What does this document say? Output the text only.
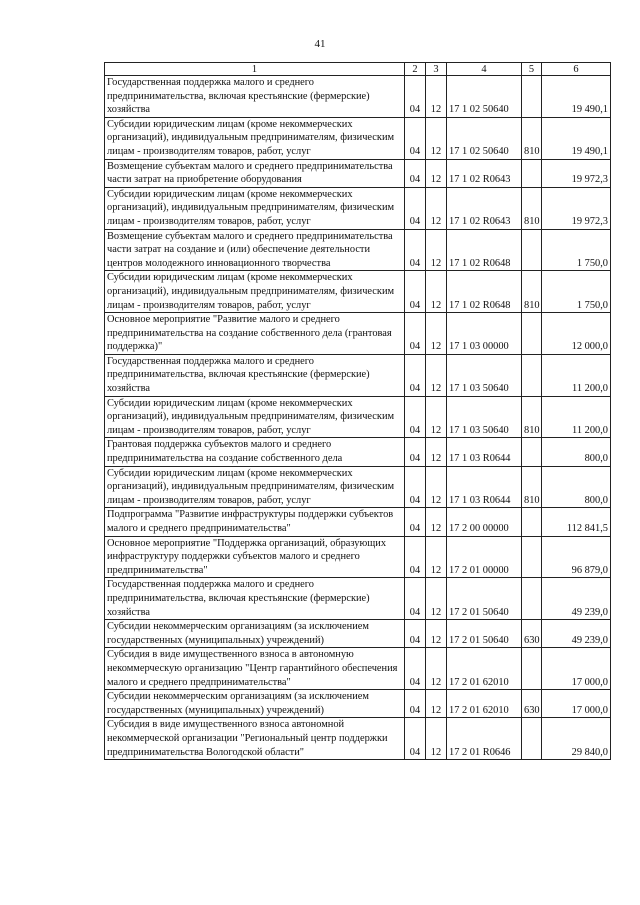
41
1	2	3	4	5	6
Государственная поддержка малого и среднего предпринимательства, включая крестьянские (фермерские) хозяйства	04	12	17 1 02 50640		19 490,1
Субсидии юридическим лицам (кроме некоммерческих организаций), индивидуальным предпринимателям, физическим лицам - производителям товаров, работ, услуг	04	12	17 1 02 50640	810	19 490,1
Возмещение субъектам малого и среднего предпринимательства части затрат на приобретение оборудования	04	12	17 1 02 R0643		19 972,3
Субсидии юридическим лицам (кроме некоммерческих организаций), индивидуальным предпринимателям, физическим лицам - производителям товаров, работ, услуг	04	12	17 1 02 R0643	810	19 972,3
Возмещение субъектам малого и среднего предпринимательства части затрат на создание и (или) обеспечение деятельности центров молодежного инновационного творчества	04	12	17 1 02 R0648		1 750,0
Субсидии юридическим лицам (кроме некоммерческих организаций), индивидуальным предпринимателям, физическим лицам - производителям товаров, работ, услуг	04	12	17 1 02 R0648	810	1 750,0
Основное мероприятие "Развитие малого и среднего предпринимательства на создание собственного дела (грантовая поддержка)"	04	12	17 1 03 00000		12 000,0
Государственная поддержка малого и среднего предпринимательства, включая крестьянские (фермерские) хозяйства	04	12	17 1 03 50640		11 200,0
Субсидии юридическим лицам (кроме некоммерческих организаций), индивидуальным предпринимателям, физическим лицам - производителям товаров, работ, услуг	04	12	17 1 03 50640	810	11 200,0
Грантовая поддержка субъектов малого и среднего предпринимательства на создание собственного дела	04	12	17 1 03 R0644		800,0
Субсидии юридическим лицам (кроме некоммерческих организаций), индивидуальным предпринимателям, физическим лицам - производителям товаров, работ, услуг	04	12	17 1 03 R0644	810	800,0
Подпрограмма "Развитие инфраструктуры поддержки субъектов малого и среднего предпринимательства"	04	12	17 2 00 00000		112 841,5
Основное мероприятие "Поддержка организаций, образующих инфраструктуру поддержки субъектов малого и среднего предпринимательства"	04	12	17 2 01 00000		96 879,0
Государственная поддержка малого и среднего предпринимательства, включая крестьянские (фермерские) хозяйства	04	12	17 2 01 50640		49 239,0
Субсидии некоммерческим организациям (за исключением государственных (муниципальных) учреждений)	04	12	17 2 01 50640	630	49 239,0
Субсидия в виде имущественного взноса в автономную некоммерческую организацию "Центр гарантийного обеспечения малого и среднего предпринимательства"	04	12	17 2 01 62010		17 000,0
Субсидии некоммерческим организациям (за исключением государственных (муниципальных) учреждений)	04	12	17 2 01 62010	630	17 000,0
Субсидия в виде имущественного взноса автономной некоммерческой организации "Региональный центр поддержки предпринимательства Вологодской области"	04	12	17 2 01 R0646		29 840,0
